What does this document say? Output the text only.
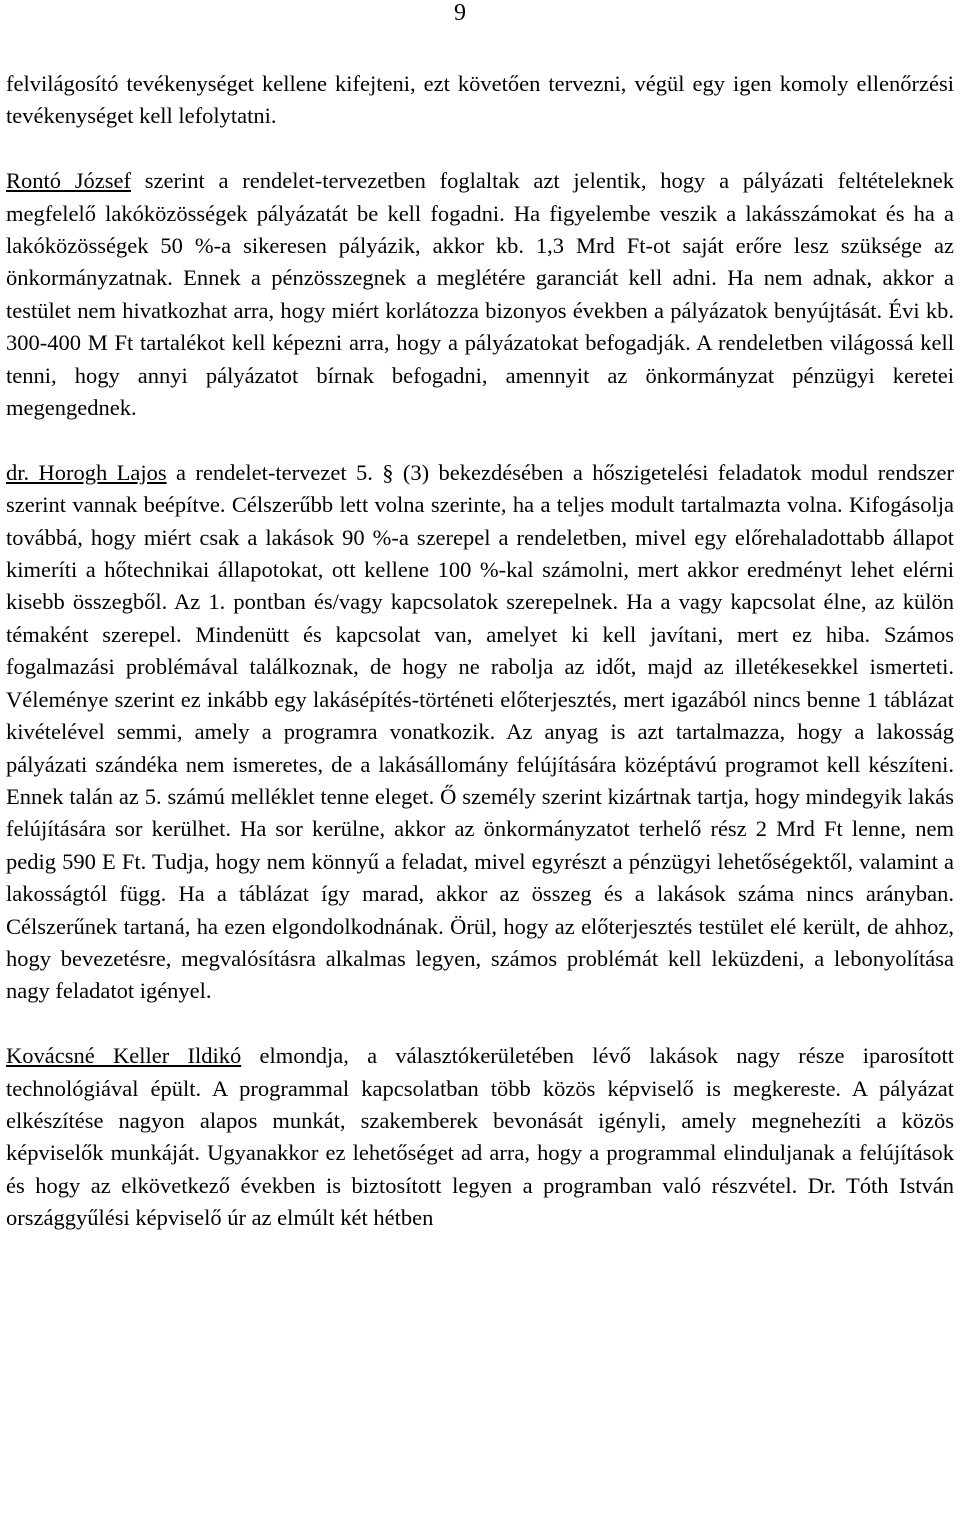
9

felvilágosító tevékenységet kellene kifejteni, ezt követően tervezni, végül egy igen komoly ellenőrzési tevékenységet kell lefolytatni.

Rontó József szerint a rendelet-tervezetben foglaltak azt jelentik, hogy a pályázati feltételeknek megfelelő lakóközösségek pályázatát be kell fogadni. Ha figyelembe veszik a lakásszámokat és ha a lakóközösségek 50 %-a sikeresen pályázik, akkor kb. 1,3 Mrd Ft-ot saját erőre lesz szüksége az önkormányzatnak. Ennek a pénzösszegnek a meglétére garanciát kell adni. Ha nem adnak, akkor a testület nem hivatkozhat arra, hogy miért korlátozza bizonyos években a pályázatok benyújtását. Évi kb. 300-400 M Ft tartalékot kell képezni arra, hogy a pályázatokat befogadják. A rendeletben világossá kell tenni, hogy annyi pályázatot bírnak befogadni, amennyit az önkormányzat pénzügyi keretei megengednek.

dr. Horogh Lajos a rendelet-tervezet 5. § (3) bekezdésében a hőszigetelési feladatok modul rendszer szerint vannak beépítve. Célszerűbb lett volna szerinte, ha a teljes modult tartalmazta volna. Kifogásolja továbbá, hogy miért csak a lakások 90 %-a szerepel a rendeletben, mivel egy előrehaladottabb állapot kimeríti a hőtechnikai állapotokat, ott kellene 100 %-kal számolni, mert akkor eredményt lehet elérni kisebb összegből. Az 1. pontban és/vagy kapcsolatok szerepelnek. Ha a vagy kapcsolat élne, az külön témaként szerepel. Mindenütt és kapcsolat van, amelyet ki kell javítani, mert ez hiba. Számos fogalmazási problémával találkoznak, de hogy ne rabolja az időt, majd az illetékesekkel ismerteti. Véleménye szerint ez inkább egy lakásépítés-történeti előterjesztés, mert igazából nincs benne 1 táblázat kivételével semmi, amely a programra vonatkozik. Az anyag is azt tartalmazza, hogy a lakosság pályázati szándéka nem ismeretes, de a lakásállomány felújítására középtávú programot kell készíteni. Ennek talán az 5. számú melléklet tenne eleget. Ő személy szerint kizártnak tartja, hogy mindegyik lakás felújítására sor kerülhet. Ha sor kerülne, akkor az önkormányzatot terhelő rész 2 Mrd Ft lenne, nem pedig 590 E Ft. Tudja, hogy nem könnyű a feladat, mivel egyrészt a pénzügyi lehetőségektől, valamint a lakosságtól függ. Ha a táblázat így marad, akkor az összeg és a lakások száma nincs arányban. Célszerűnek tartaná, ha ezen elgondolkodnának. Örül, hogy az előterjesztés testület elé került, de ahhoz, hogy bevezetésre, megvalósításra alkalmas legyen, számos problémát kell leküzdeni, a lebonyolítása nagy feladatot igényel.

Kovácsné Keller Ildikó elmondja, a választókerületében lévő lakások nagy része iparosított technológiával épült. A programmal kapcsolatban több közös képviselő is megkereste. A pályázat elkészítése nagyon alapos munkát, szakemberek bevonását igényli, amely megnehezíti a közös képviselők munkáját. Ugyanakkor ez lehetőséget ad arra, hogy a programmal elinduljanak a felújítások és hogy az elkövetkező években is biztosított legyen a programban való részvétel. Dr. Tóth István országgyűlési képviselő úr az elmúlt két hétben
